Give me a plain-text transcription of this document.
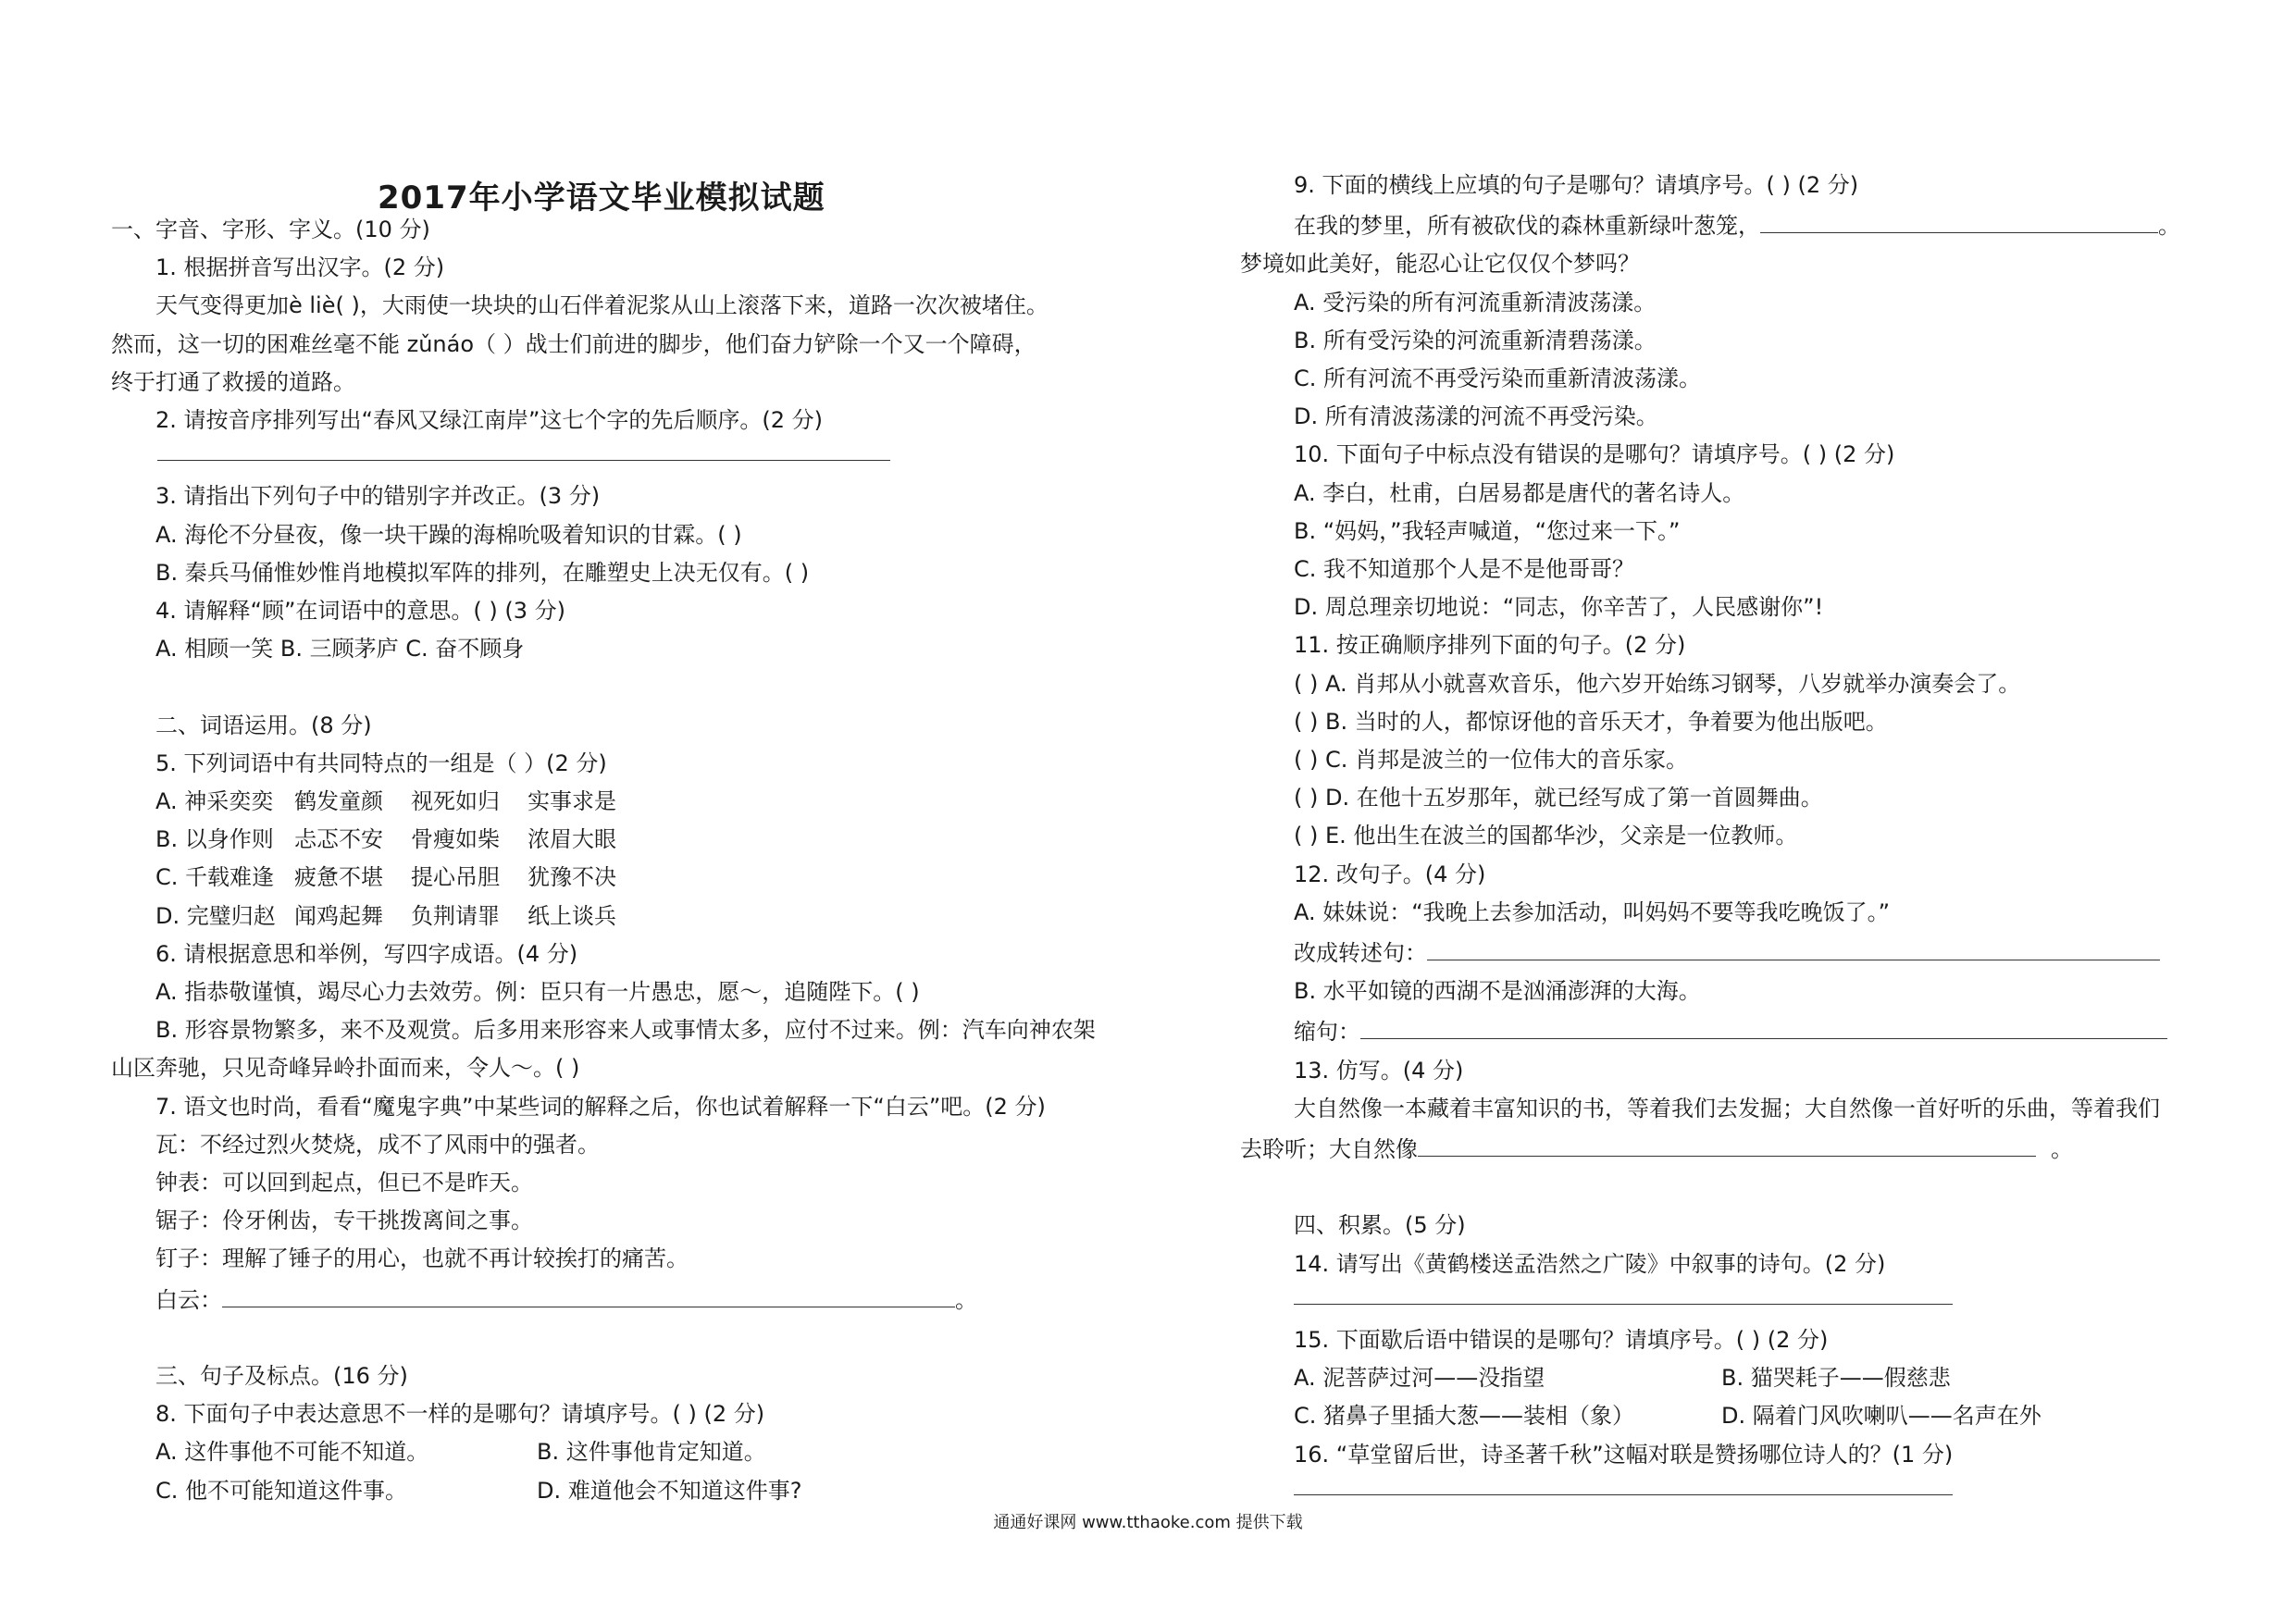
2017年小学语文毕业模拟试题
一、字音、字形、字义。(10 分)
1. 根据拼音写出汉字。(2 分)
天气变得更加è liè( )，大雨使一块块的山石伴着泥浆从山上滚落下来，道路一次次被堵住。
然而，这一切的困难丝毫不能 zǔnáo（ ）战士们前进的脚步，他们奋力铲除一个又一个障碍，
终于打通了救援的道路。
2. 请按音序排列写出“春风又绿江南岸”这七个字的先后顺序。(2 分)
3. 请指出下列句子中的错别字并改正。(3 分)
A. 海伦不分昼夜，像一块干躁的海棉吮吸着知识的甘霖。( )
B. 秦兵马俑惟妙惟肖地模拟军阵的排列，在雕塑史上决无仅有。( )
4. 请解释“顾”在词语中的意思。( ) (3 分)
A. 相顾一笑 B. 三顾茅庐 C. 奋不顾身
二、词语运用。(8 分)
5. 下列词语中有共同特点的一组是（ ）(2 分)
A. 神采奕奕 鹤发童颜	视死如归	实事求是
B. 以身作则 忐忑不安	骨瘦如柴	浓眉大眼
C. 千载难逢 疲惫不堪	提心吊胆	犹豫不决
D. 完璧归赵 闻鸡起舞	负荆请罪	纸上谈兵
6. 请根据意思和举例，写四字成语。(4 分)
A. 指恭敬谨慎，竭尽心力去效劳。例：臣只有一片愚忠，愿～，追随陛下。( )
B. 形容景物繁多，来不及观赏。后多用来形容来人或事情太多，应付不过来。例：汽车向神农架
山区奔驰，只见奇峰异岭扑面而来，令人～。( )
7. 语文也时尚，看看“魔鬼字典”中某些词的解释之后，你也试着解释一下“白云”吧。(2 分)
瓦：不经过烈火焚烧，成不了风雨中的强者。
钟表：可以回到起点，但已不是昨天。
锯子：伶牙俐齿，专干挑拨离间之事。
钉子：理解了锤子的用心，也就不再计较挨打的痛苦。
白云：	。
三、句子及标点。(16 分)
8. 下面句子中表达意思不一样的是哪句？请填序号。( ) (2 分)
A. 这件事他不可能不知道。	B. 这件事他肯定知道。
C. 他不可能知道这件事。	D. 难道他会不知道这件事?
9. 下面的横线上应填的句子是哪句？请填序号。( ) (2 分)
在我的梦里，所有被砍伐的森林重新绿叶葱笼，	。
梦境如此美好，能忍心让它仅仅个梦吗？
A. 受污染的所有河流重新清波荡漾。
B. 所有受污染的河流重新清碧荡漾。
C. 所有河流不再受污染而重新清波荡漾。
D. 所有清波荡漾的河流不再受污染。
10. 下面句子中标点没有错误的是哪句？请填序号。( ) (2 分)
A. 李白，杜甫，白居易都是唐代的著名诗人。
B. “妈妈，”我轻声喊道，“您过来一下。”
C. 我不知道那个人是不是他哥哥？
D. 周总理亲切地说：“同志，你辛苦了，人民感谢你”!
11. 按正确顺序排列下面的句子。(2 分)
( ) A. 肖邦从小就喜欢音乐，他六岁开始练习钢琴，八岁就举办演奏会了。
( ) B. 当时的人，都惊讶他的音乐天才，争着要为他出版吧。
( ) C. 肖邦是波兰的一位伟大的音乐家。
( ) D. 在他十五岁那年，就已经写成了第一首圆舞曲。
( ) E. 他出生在波兰的国都华沙，父亲是一位教师。
12. 改句子。(4 分)
A. 妹妹说：“我晚上去参加活动，叫妈妈不要等我吃晚饭了。”
改成转述句：
B. 水平如镜的西湖不是汹涌澎湃的大海。
缩句：
13. 仿写。(4 分)
大自然像一本藏着丰富知识的书，等着我们去发掘；大自然像一首好听的乐曲，等着我们
去聆听；大自然像	。
四、积累。(5 分)
14. 请写出《黄鹤楼送孟浩然之广陵》中叙事的诗句。(2 分)
15. 下面歇后语中错误的是哪句？请填序号。( ) (2 分)
A. 泥菩萨过河——没指望	B. 猫哭耗子——假慈悲
C. 猪鼻子里插大葱——装相（象）	D. 隔着门风吹喇叭——名声在外
16. “草堂留后世，诗圣著千秋”这幅对联是赞扬哪位诗人的？(1 分)
通通好课网 www.tthaoke.com 提供下载
